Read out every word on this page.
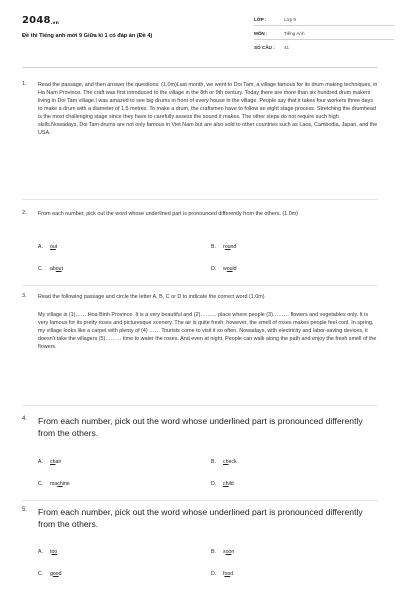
$2048_{.vn}$
Đề thi Tiếng anh mới 9 Giữa kì 1 có đáp án (Đề 4)
LỚP :	Lớp 9
MÔN :	Tiếng Anh
SỐ CÂU : 41
1. Read the passage, and then answer the questions: (1.0m)Last month, we went to Doi Tam, a village famous for its drum making techniques, in Ha Nam Province. The craft was first introduced to the village in the 8th or 9th century. Today there are more than six hundred drum makers living in Doi Tam village.I was amazed to see big drums in front of every house in the village. People say that it takes four workers three days to make a drum with a diameter of 1.5 metres. To make a drum, the craftsmen have to follow an eight stage process. Stretching the drumhead is the most challenging stage since they have to carefully assess the sound it makes. The other steps do not require such high skills.Nowadays, Doi Tam drums are not only famous in Viet Nam but are also sold to other countries such as Laos, Cambodia, Japan, and the USA.
2. From each number, pick out the word whose underlined part is pronounced differently from the others. (1.0m)
A. out	B. round
C. about	D. would
3. Read the following passage and circle the letter A, B, C or D to indicate the correct word (1.0m)
My village is (1)…… Hoa Binh Province. It is a very beautiful and (2)……… place where people (3)……… flowers and vegetables only. It is very famous for its pretty roses and picturesque scenery. The air is quite fresh; however, the smell of roses makes people feel cool. In spring, my village looks like a carpet with plenty of (4) …… Tourists come to visit it so often. Nowadays, with electricity and labor-saving devices, it doesn't take the villagers (5)……… time to water the roses. And even at night, People can walk along the path and enjoy the fresh smell of the flowers.
4. From each number, pick out the word whose underlined part is pronounced differently from the others.
A. chair	B. check
C. machine	D. child
5. From each number, pick out the word whose underlined part is pronounced differently from the others.
A. too	B. soon
C. good	D. food
